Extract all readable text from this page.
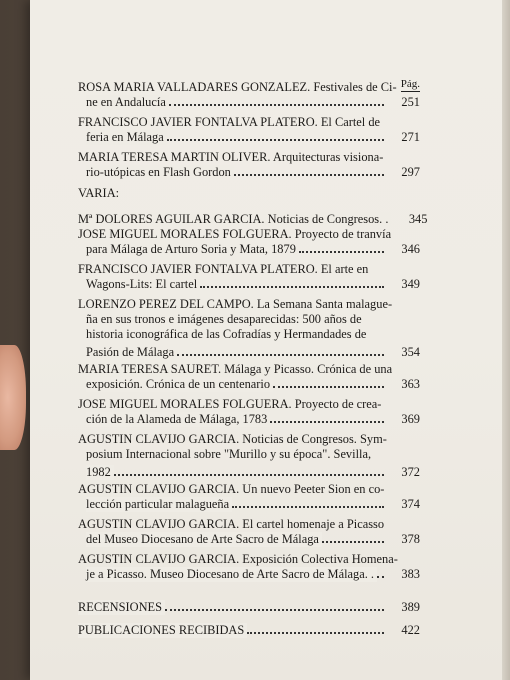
Pág.
VARIA:
ROSA MARIA VALLADARES GONZALEZ. Festivales de Ci-
ne en Andalucía	251
FRANCISCO JAVIER FONTALVA PLATERO. El Cartel de
feria en Málaga	271
MARIA TERESA MARTIN OLIVER. Arquitecturas visiona-
rio-utópicas en Flash Gordon	297
Mª DOLORES AGUILAR GARCIA. Noticias de Congresos. .	345
JOSE MIGUEL MORALES FOLGUERA. Proyecto de tranvía
para Málaga de Arturo Soria y Mata, 1879	346
FRANCISCO JAVIER FONTALVA PLATERO. El arte en
Wagons-Lits: El cartel	349
LORENZO PEREZ DEL CAMPO. La Semana Santa malague-
ña en sus tronos e imágenes desaparecidas: 500 años de
historia iconográfica de las Cofradías y Hermandades de
Pasión de Málaga	354
MARIA TERESA SAURET. Málaga y Picasso. Crónica de una
exposición. Crónica de un centenario	363
JOSE MIGUEL MORALES FOLGUERA. Proyecto de crea-
ción de la Alameda de Málaga, 1783	369
AGUSTIN CLAVIJO GARCIA. Noticias de Congresos. Sym-
posium Internacional sobre "Murillo y su época". Sevilla,
1982	372
AGUSTIN CLAVIJO GARCIA. Un nuevo Peeter Sion en co-
lección particular malagueña	374
AGUSTIN CLAVIJO GARCIA. El cartel homenaje a Picasso
del Museo Diocesano de Arte Sacro de Málaga	378
AGUSTIN CLAVIJO GARCIA. Exposición Colectiva Homena-
je a Picasso. Museo Diocesano de Arte Sacro de Málaga. .	383
RECENSIONES	389
PUBLICACIONES RECIBIDAS	422
